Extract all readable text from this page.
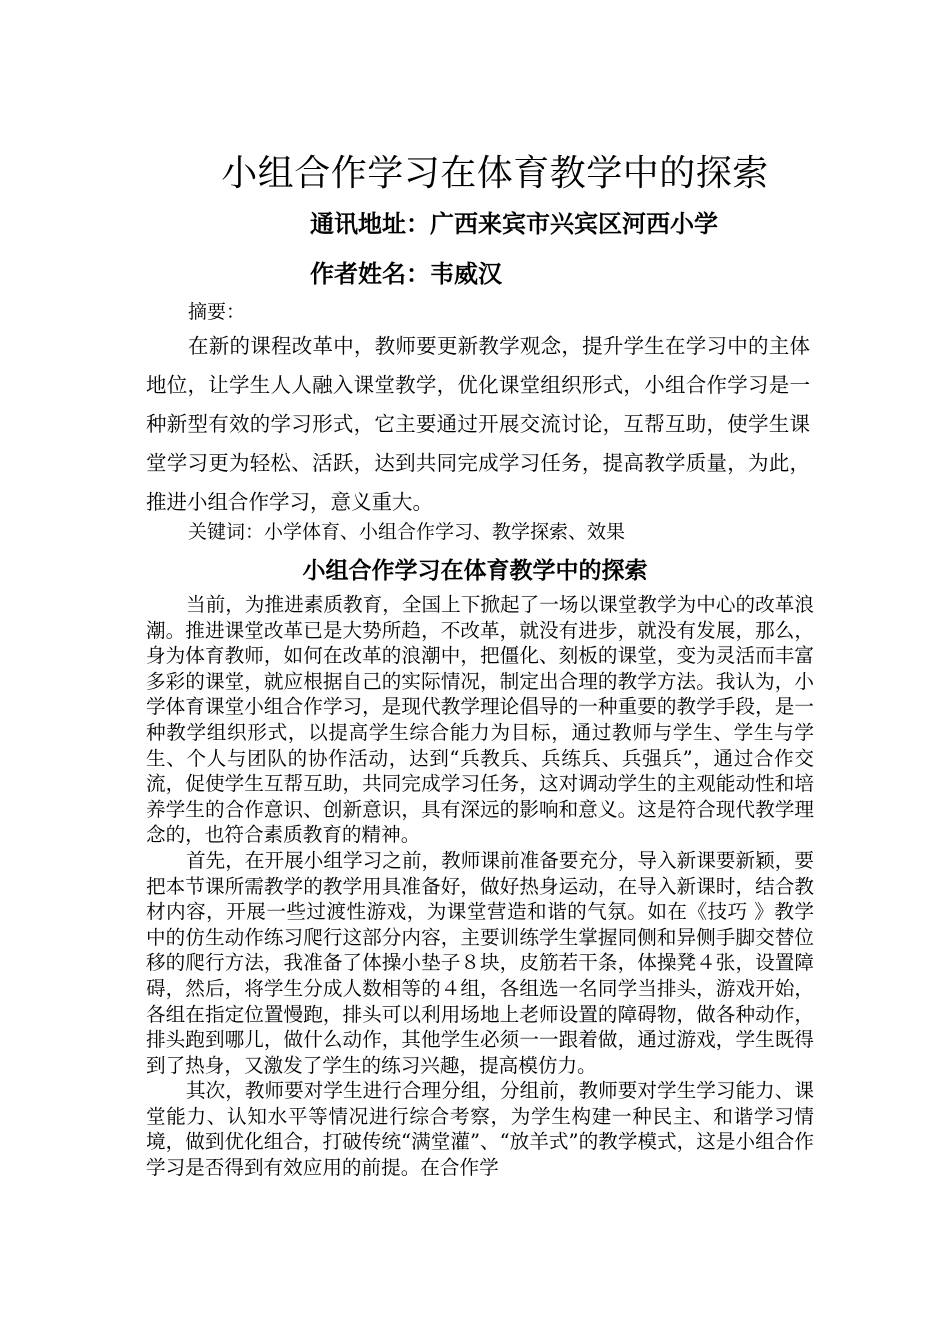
小组合作学习在体育教学中的探索
通讯地址：广西来宾市兴宾区河西小学
作者姓名：韦威汉
摘要：

在新的课程改革中，教师要更新教学观念，提升学生在学习中的主体地位，让学生人人融入课堂教学，优化课堂组织形式，小组合作学习是一种新型有效的学习形式，它主要通过开展交流讨论，互帮互助，使学生课堂学习更为轻松、活跃，达到共同完成学习任务，提高教学质量，为此，推进小组合作学习，意义重大。

关键词：小学体育、小组合作学习、教学探索、效果
小组合作学习在体育教学中的探索

当前，为推进素质教育，全国上下掀起了一场以课堂教学为中心的改革浪潮。推进课堂改革已是大势所趋，不改革，就没有进步，就没有发展，那么，身为体育教师，如何在改革的浪潮中，把僵化、刻板的课堂，变为灵活而丰富多彩的课堂，就应根据自己的实际情况，制定出合理的教学方法。我认为，小学体育课堂小组合作学习，是现代教学理论倡导的一种重要的教学手段，是一种教学组织形式，以提高学生综合能力为目标，通过教师与学生、学生与学生、个人与团队的协作活动，达到“兵教兵、兵练兵、兵强兵”，通过合作交流，促使学生互帮互助，共同完成学习任务，这对调动学生的主观能动性和培养学生的合作意识、创新意识，具有深远的影响和意义。这是符合现代教学理念的，也符合素质教育的精神。

首先，在开展小组学习之前，教师课前准备要充分，导入新课要新颖，要把本节课所需教学的教学用具准备好，做好热身运动，在导入新课时，结合教材内容，开展一些过渡性游戏，为课堂营造和谐的气氛。如在《技巧 》教学中的仿生动作练习爬行这部分内容，主要训练学生掌握同侧和异侧手脚交替位移的爬行方法，我准备了体操小垫子８块，皮筋若干条，体操凳４张，设置障碍，然后，将学生分成人数相等的４组，各组选一名同学当排头，游戏开始，各组在指定位置慢跑，排头可以利用场地上老师设置的障碍物，做各种动作，排头跑到哪儿，做什么动作，其他学生必须一一跟着做，通过游戏，学生既得到了热身，又激发了学生的练习兴趣，提高模仿力。

其次，教师要对学生进行合理分组，分组前，教师要对学生学习能力、课堂能力、认知水平等情况进行综合考察，为学生构建一种民主、和谐学习情境，做到优化组合，打破传统“满堂灌”、“放羊式”的教学模式，这是小组合作学习是否得到有效应用的前提。在合作学
